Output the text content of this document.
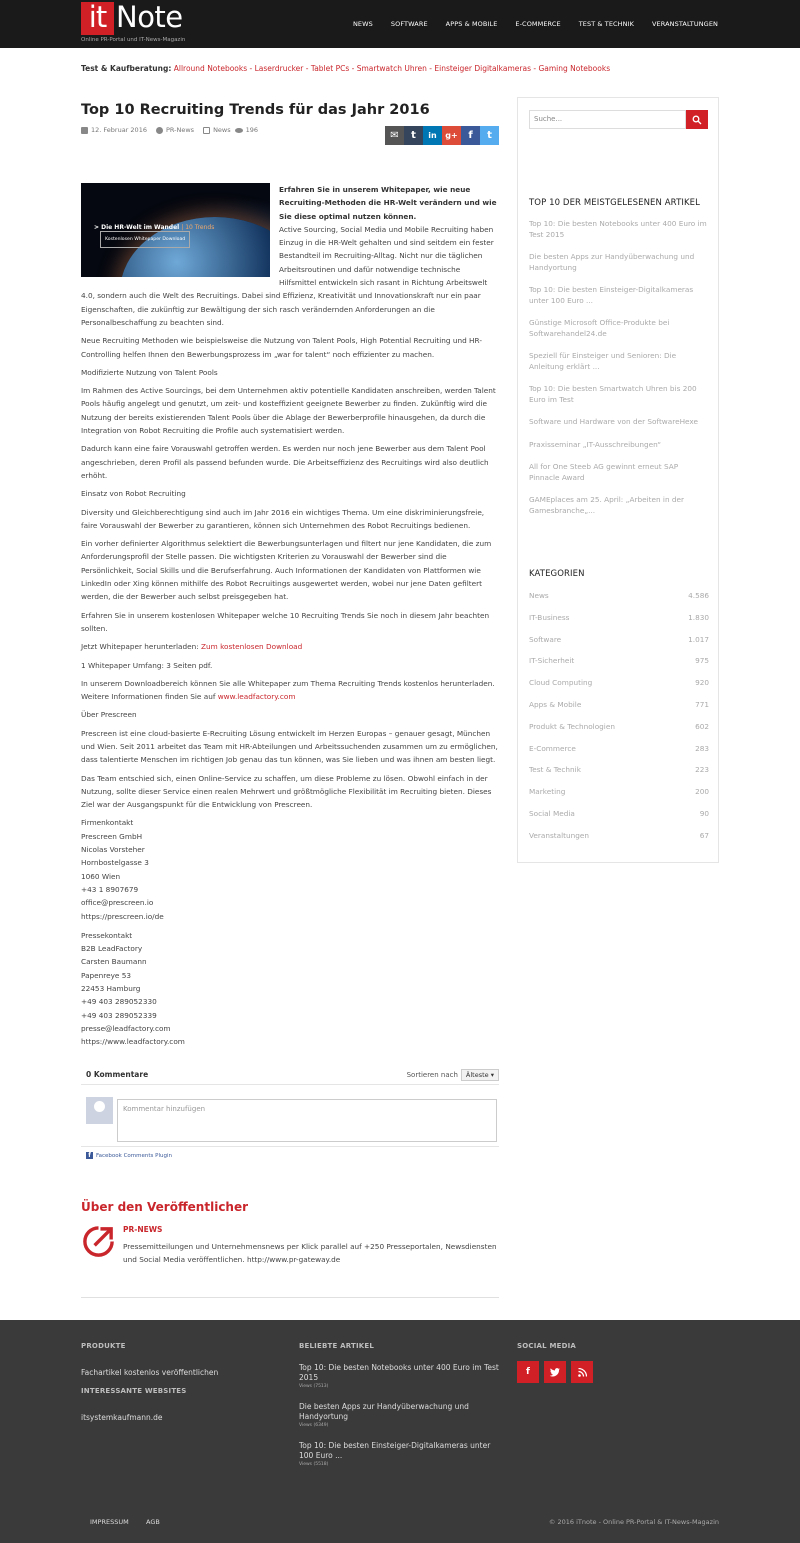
it Note
Online PR-Portal und IT-News-Magazin
NEWS	SOFTWARE	APPS & MOBILE	E-COMMERCE	TEST & TECHNIK	VERANSTALTUNGEN
Test & Kaufberatung: Allround Notebooks - Laserdrucker - Tablet PCs - Smartwatch Uhren - Einsteiger Digitalkameras - Gaming Notebooks
Top 10 Recruiting Trends für das Jahr 2016
12. Februar 2016	PR-News	News 196	✉	t	in	g+	f	t
> Die HR-Welt im Wandel | 10 Trends
Kostenlosen Whitepaper Download

Erfahren Sie in unserem Whitepaper, wie neue Recruiting-Methoden die HR-Welt verändern und wie Sie diese optimal nutzen können.
Active Sourcing, Social Media und Mobile Recruiting haben Einzug in die HR-Welt gehalten und sind seitdem ein fester Bestandteil im Recruiting-Alltag. Nicht nur die täglichen Arbeitsroutinen und dafür notwendige technische Hilfsmittel entwickeln sich rasant in Richtung Arbeitswelt 4.0, sondern auch die Welt des Recruitings. Dabei sind Effizienz, Kreativität und Innovationskraft nur ein paar Eigenschaften, die zukünftig zur Bewältigung der sich rasch verändernden Anforderungen an die Personalbeschaffung zu beachten sind.

Neue Recruiting Methoden wie beispielsweise die Nutzung von Talent Pools, High Potential Recruiting und HR-Controlling helfen Ihnen den Bewerbungsprozess im „war for talent“ noch effizienter zu machen.

Modifizierte Nutzung von Talent Pools

Im Rahmen des Active Sourcings, bei dem Unternehmen aktiv potentielle Kandidaten anschreiben, werden Talent Pools häufig angelegt und genutzt, um zeit- und kosteffizient geeignete Bewerber zu finden. Zukünftig wird die Nutzung der bereits existierenden Talent Pools über die Ablage der Bewerberprofile hinausgehen, da durch die Integration von Robot Recruiting die Profile auch systematisiert werden.

Dadurch kann eine faire Vorauswahl getroffen werden. Es werden nur noch jene Bewerber aus dem Talent Pool angeschrieben, deren Profil als passend befunden wurde. Die Arbeitseffizienz des Recruitings wird also deutlich erhöht.

Einsatz von Robot Recruiting

Diversity und Gleichberechtigung sind auch im Jahr 2016 ein wichtiges Thema. Um eine diskriminierungsfreie, faire Vorauswahl der Bewerber zu garantieren, können sich Unternehmen des Robot Recruitings bedienen.

Ein vorher definierter Algorithmus selektiert die Bewerbungsunterlagen und filtert nur jene Kandidaten, die zum Anforderungsprofil der Stelle passen. Die wichtigsten Kriterien zu Vorauswahl der Bewerber sind die Persönlichkeit, Social Skills und die Berufserfahrung. Auch Informationen der Kandidaten von Plattformen wie LinkedIn oder Xing können mithilfe des Robot Recruitings ausgewertet werden, wobei nur jene Daten gefiltert werden, die der Bewerber auch selbst preisgegeben hat.

Erfahren Sie in unserem kostenlosen Whitepaper welche 10 Recruiting Trends Sie noch in diesem Jahr beachten sollten.

Jetzt Whitepaper herunterladen: Zum kostenlosen Download

1 Whitepaper Umfang: 3 Seiten pdf.

In unserem Downloadbereich können Sie alle Whitepaper zum Thema Recruiting Trends kostenlos herunterladen. Weitere Informationen finden Sie auf www.leadfactory.com

Über Prescreen

Prescreen ist eine cloud-basierte E-Recruiting Lösung entwickelt im Herzen Europas – genauer gesagt, München und Wien. Seit 2011 arbeitet das Team mit HR-Abteilungen und Arbeitssuchenden zusammen um zu ermöglichen, dass talentierte Menschen im richtigen Job genau das tun können, was Sie lieben und was ihnen am besten liegt.

Das Team entschied sich, einen Online-Service zu schaffen, um diese Probleme zu lösen. Obwohl einfach in der Nutzung, sollte dieser Service einen realen Mehrwert und größtmögliche Flexibilität im Recruiting bieten. Dieses Ziel war der Ausgangspunkt für die Entwicklung von Prescreen.

Firmenkontakt
Prescreen GmbH
Nicolas Vorsteher
Hornbostelgasse 3
1060 Wien
+43 1 8907679
office@prescreen.io
https://prescreen.io/de
Pressekontakt
B2B LeadFactory
Carsten Baumann
Papenreye 53
22453 Hamburg
+49 403 289052330
+49 403 289052339
presse@leadfactory.com
https://www.leadfactory.com
0 Kommentare	Sortieren nach	Älteste ▾
Kommentar hinzufügen
f Facebook Comments Plugin
Über den Veröffentlicher
PR-NEWS
Pressemitteilungen und Unternehmensnews per Klick parallel auf +250 Presseportalen, Newsdiensten und Social Media veröffentlichen. http://www.pr-gateway.de
Suche...
TOP 10 DER MEISTGELESENEN ARTIKEL
Top 10: Die besten Notebooks unter 400 Euro im Test 2015
Die besten Apps zur Handyüberwachung und Handyortung
Top 10: Die besten Einsteiger-Digitalkameras unter 100 Euro ...
Günstige Microsoft Office-Produkte bei Softwarehandel24.de
Speziell für Einsteiger und Senioren: Die Anleitung erklärt ...
Top 10: Die besten Smartwatch Uhren bis 200 Euro im Test
Software und Hardware von der SoftwareHexe
Praxisseminar „IT-Ausschreibungen“
All for One Steeb AG gewinnt erneut SAP Pinnacle Award
GAMEplaces am 25. April: „Arbeiten in der Gamesbranche„...
KATEGORIEN
News	4.586
IT-Business	1.830
Software	1.017
IT-Sicherheit	975
Cloud Computing	920
Apps & Mobile	771
Produkt & Technologien	602
E-Commerce	283
Test & Technik	223
Marketing	200
Social Media	90
Veranstaltungen	67
PRODUKTE
Fachartikel kostenlos veröffentlichen
INTERESSANTE WEBSITES
itsystemkaufmann.de
BELIEBTE ARTIKEL
Top 10: Die besten Notebooks unter 400 Euro im Test 2015
Views (7513)
Die besten Apps zur Handyüberwachung und Handyortung
Views (6349)
Top 10: Die besten Einsteiger-Digitalkameras unter 100 Euro ...
Views (5518)
SOCIAL MEDIA
f
IMPRESSUM	AGB	© 2016 iTnote - Online PR-Portal & IT-News-Magazin
